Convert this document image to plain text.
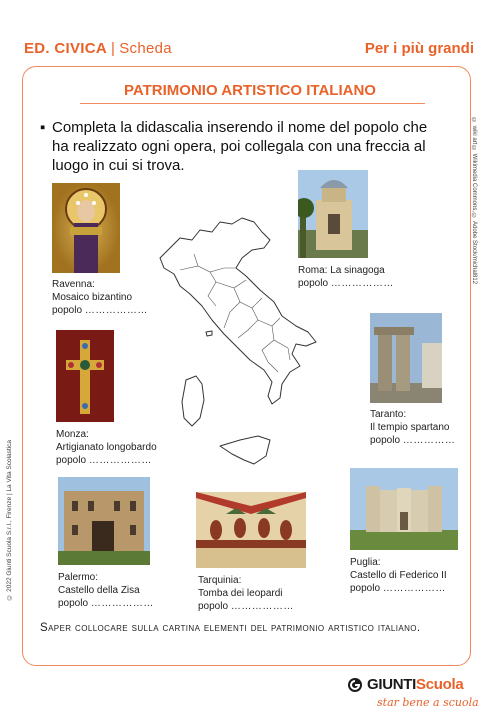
ED. CIVICA | Scheda	Per i più grandi
PATRIMONIO ARTISTICO ITALIANO
▪ Completa la didascalia inserendo il nome del popolo che ha realizzato ogni opera, poi collegala con una freccia al luogo in cui si trova.	© wiki art © Wikimedia Commons, © Adobe Stock/michal812
© 2022 Giunti Scuola S.r.l., Firenze | La Vita Scolastica
Ravenna:
Mosaico bizantino
popolo ………………
Roma: La sinagoga
popolo ………………
Monza:
Artigianato longobardo
popolo ………………
Taranto:
Il tempio spartano
popolo ……………
Palermo:
Castello della Zisa
popolo ………………
Tarquinia:
Tomba dei leopardi
popolo ………………
Puglia:
Castello di Federico II
popolo ………………
Saper collocare sulla cartina elementi del patrimonio artistico italiano.
GIUNTIScuola
star bene a scuola
